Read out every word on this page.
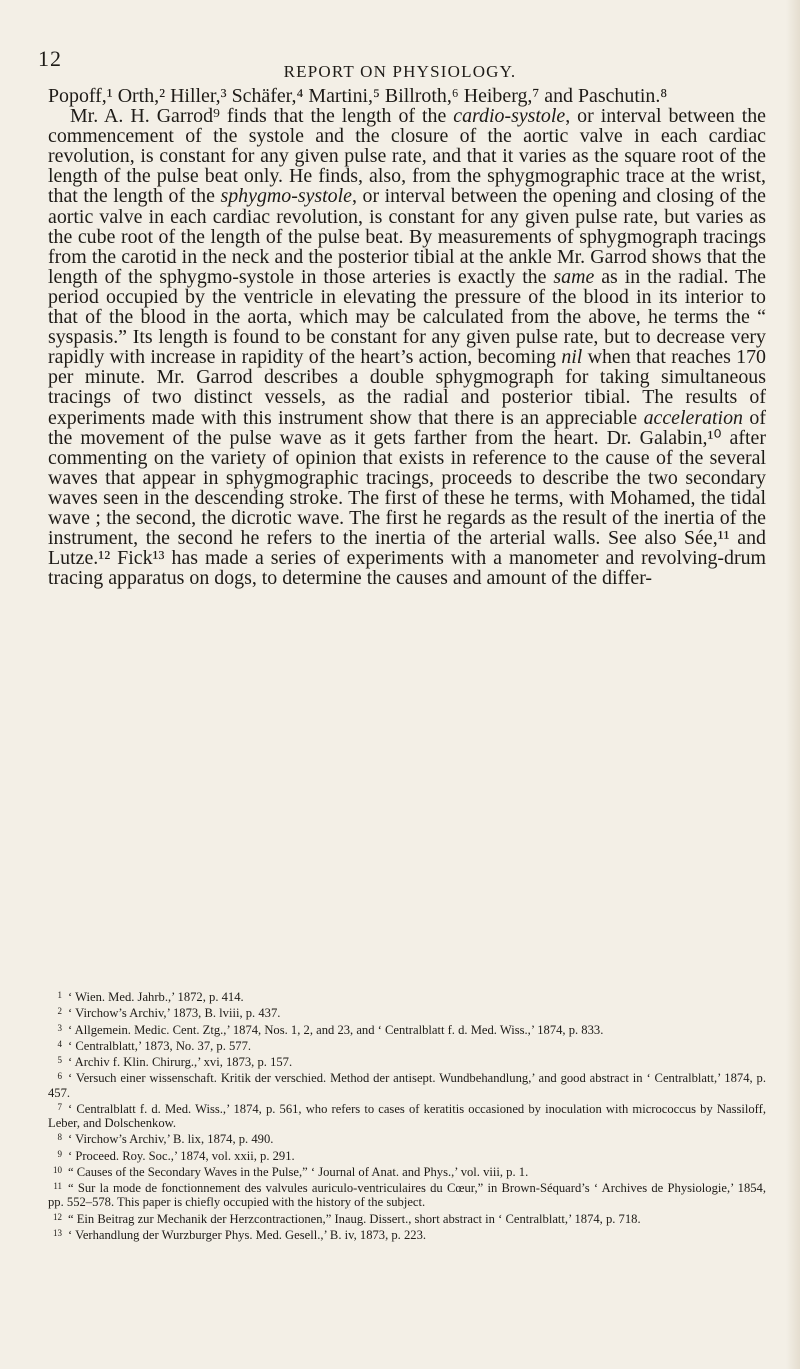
12
REPORT ON PHYSIOLOGY.

Popoff,¹ Orth,² Hiller,³ Schäfer,⁴ Martini,⁵ Billroth,⁶ Heiberg,⁷ and Paschutin.⁸

Mr. A. H. Garrod⁹ finds that the length of the cardio-systole, or interval between the commencement of the systole and the closure of the aortic valve in each cardiac revolution, is constant for any given pulse rate, and that it varies as the square root of the length of the pulse beat only. He finds, also, from the sphygmographic trace at the wrist, that the length of the sphygmo-systole, or interval between the opening and closing of the aortic valve in each cardiac revolution, is constant for any given pulse rate, but varies as the cube root of the length of the pulse beat. By measurements of sphygmograph tracings from the carotid in the neck and the posterior tibial at the ankle Mr. Garrod shows that the length of the sphygmo-systole in those arteries is exactly the same as in the radial. The period occupied by the ventricle in elevating the pressure of the blood in its interior to that of the blood in the aorta, which may be calculated from the above, he terms the “ syspasis.” Its length is found to be constant for any given pulse rate, but to decrease very rapidly with increase in rapidity of the heart’s action, becoming nil when that reaches 170 per minute. Mr. Garrod describes a double sphygmograph for taking simultaneous tracings of two distinct vessels, as the radial and posterior tibial. The results of experiments made with this instrument show that there is an appreciable acceleration of the movement of the pulse wave as it gets farther from the heart. Dr. Galabin,¹⁰ after commenting on the variety of opinion that exists in reference to the cause of the several waves that appear in sphygmographic tracings, proceeds to describe the two secondary waves seen in the descending stroke. The first of these he terms, with Mohamed, the tidal wave ; the second, the dicrotic wave. The first he regards as the result of the inertia of the instrument, the second he refers to the inertia of the arterial walls. See also Sée,¹¹ and Lutze.¹² Fick¹³ has made a series of experiments with a manometer and revolving-drum tracing apparatus on dogs, to determine the causes and amount of the differ-

1 ‘ Wien. Med. Jahrb.,’ 1872, p. 414.

2 ‘ Virchow’s Archiv,’ 1873, B. lviii, p. 437.

3 ‘ Allgemein. Medic. Cent. Ztg.,’ 1874, Nos. 1, 2, and 23, and ‘ Centralblatt f. d. Med. Wiss.,’ 1874, p. 833.

4 ‘ Centralblatt,’ 1873, No. 37, p. 577.

5 ‘ Archiv f. Klin. Chirurg.,’ xvi, 1873, p. 157.

6 ‘ Versuch einer wissenschaft. Kritik der verschied. Method der antisept. Wundbehandlung,’ and good abstract in ‘ Centralblatt,’ 1874, p. 457.

7 ‘ Centralblatt f. d. Med. Wiss.,’ 1874, p. 561, who refers to cases of keratitis occasioned by inoculation with micrococcus by Nassiloff, Leber, and Dolschenkow.

8 ‘ Virchow’s Archiv,’ B. lix, 1874, p. 490.

9 ‘ Proceed. Roy. Soc.,’ 1874, vol. xxii, p. 291.

10 “ Causes of the Secondary Waves in the Pulse,” ‘ Journal of Anat. and Phys.,’ vol. viii, p. 1.

11 “ Sur la mode de fonctionnement des valvules auriculo-ventriculaires du Cœur,” in Brown-Séquard’s ‘ Archives de Physiologie,’ 1854, pp. 552–578. This paper is chiefly occupied with the history of the subject.

12 “ Ein Beitrag zur Mechanik der Herzcontractionen,” Inaug. Dissert., short abstract in ‘ Centralblatt,’ 1874, p. 718.

13 ‘ Verhandlung der Wurzburger Phys. Med. Gesell.,’ B. iv, 1873, p. 223.
